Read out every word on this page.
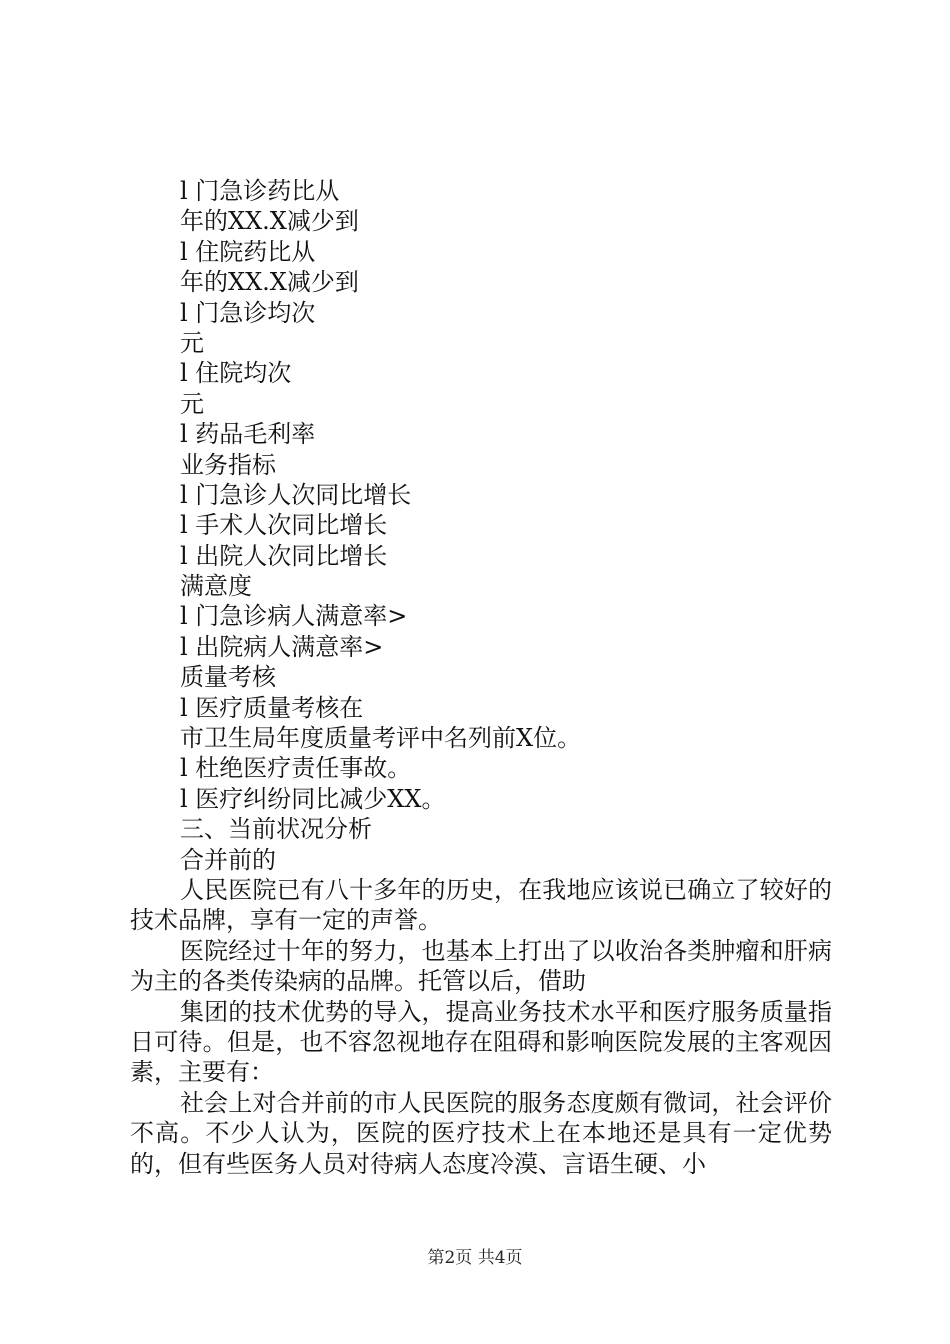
l 门急诊药比从
年的XX.X减少到
l 住院药比从
年的XX.X减少到
l 门急诊均次
元
l 住院均次
元
l 药品毛利率
业务指标
l 门急诊人次同比增长
l 手术人次同比增长
l 出院人次同比增长
满意度
l 门急诊病人满意率>
l 出院病人满意率>
质量考核
l 医疗质量考核在
市卫生局年度质量考评中名列前X位。
l 杜绝医疗责任事故。
l 医疗纠纷同比减少XX。
三、当前状况分析
合并前的
人民医院已有八十多年的历史，在我地应该说已确立了较好的技术品牌，享有一定的声誉。
医院经过十年的努力，也基本上打出了以收治各类肿瘤和肝病为主的各类传染病的品牌。托管以后，借助
集团的技术优势的导入，提高业务技术水平和医疗服务质量指日可待。但是，也不容忽视地存在阻碍和影响医院发展的主客观因素，主要有：
社会上对合并前的市人民医院的服务态度颇有微词，社会评价不高。不少人认为，医院的医疗技术上在本地还是具有一定优势的，但有些医务人员对待病人态度冷漠、言语生硬、小
第2页 共4页
